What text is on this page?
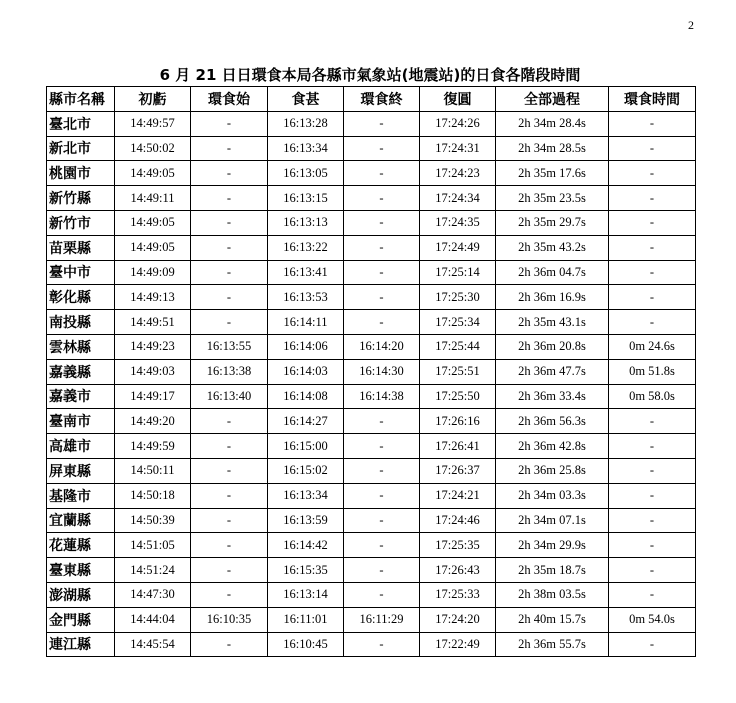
2
6 月 21 日日環食本局各縣市氣象站(地震站)的日食各階段時間
縣市名稱	初虧	環食始	食甚	環食終	復圓	全部過程	環食時間
臺北市	14:49:57	-	16:13:28	-	17:24:26	2h 34m 28.4s	-
新北市	14:50:02	-	16:13:34	-	17:24:31	2h 34m 28.5s	-
桃園市	14:49:05	-	16:13:05	-	17:24:23	2h 35m 17.6s	-
新竹縣	14:49:11	-	16:13:15	-	17:24:34	2h 35m 23.5s	-
新竹市	14:49:05	-	16:13:13	-	17:24:35	2h 35m 29.7s	-
苗栗縣	14:49:05	-	16:13:22	-	17:24:49	2h 35m 43.2s	-
臺中市	14:49:09	-	16:13:41	-	17:25:14	2h 36m 04.7s	-
彰化縣	14:49:13	-	16:13:53	-	17:25:30	2h 36m 16.9s	-
南投縣	14:49:51	-	16:14:11	-	17:25:34	2h 35m 43.1s	-
雲林縣	14:49:23	16:13:55	16:14:06	16:14:20	17:25:44	2h 36m 20.8s	0m 24.6s
嘉義縣	14:49:03	16:13:38	16:14:03	16:14:30	17:25:51	2h 36m 47.7s	0m 51.8s
嘉義市	14:49:17	16:13:40	16:14:08	16:14:38	17:25:50	2h 36m 33.4s	0m 58.0s
臺南市	14:49:20	-	16:14:27	-	17:26:16	2h 36m 56.3s	-
高雄市	14:49:59	-	16:15:00	-	17:26:41	2h 36m 42.8s	-
屏東縣	14:50:11	-	16:15:02	-	17:26:37	2h 36m 25.8s	-
基隆市	14:50:18	-	16:13:34	-	17:24:21	2h 34m 03.3s	-
宜蘭縣	14:50:39	-	16:13:59	-	17:24:46	2h 34m 07.1s	-
花蓮縣	14:51:05	-	16:14:42	-	17:25:35	2h 34m 29.9s	-
臺東縣	14:51:24	-	16:15:35	-	17:26:43	2h 35m 18.7s	-
澎湖縣	14:47:30	-	16:13:14	-	17:25:33	2h 38m 03.5s	-
金門縣	14:44:04	16:10:35	16:11:01	16:11:29	17:24:20	2h 40m 15.7s	0m 54.0s
連江縣	14:45:54	-	16:10:45	-	17:22:49	2h 36m 55.7s	-
